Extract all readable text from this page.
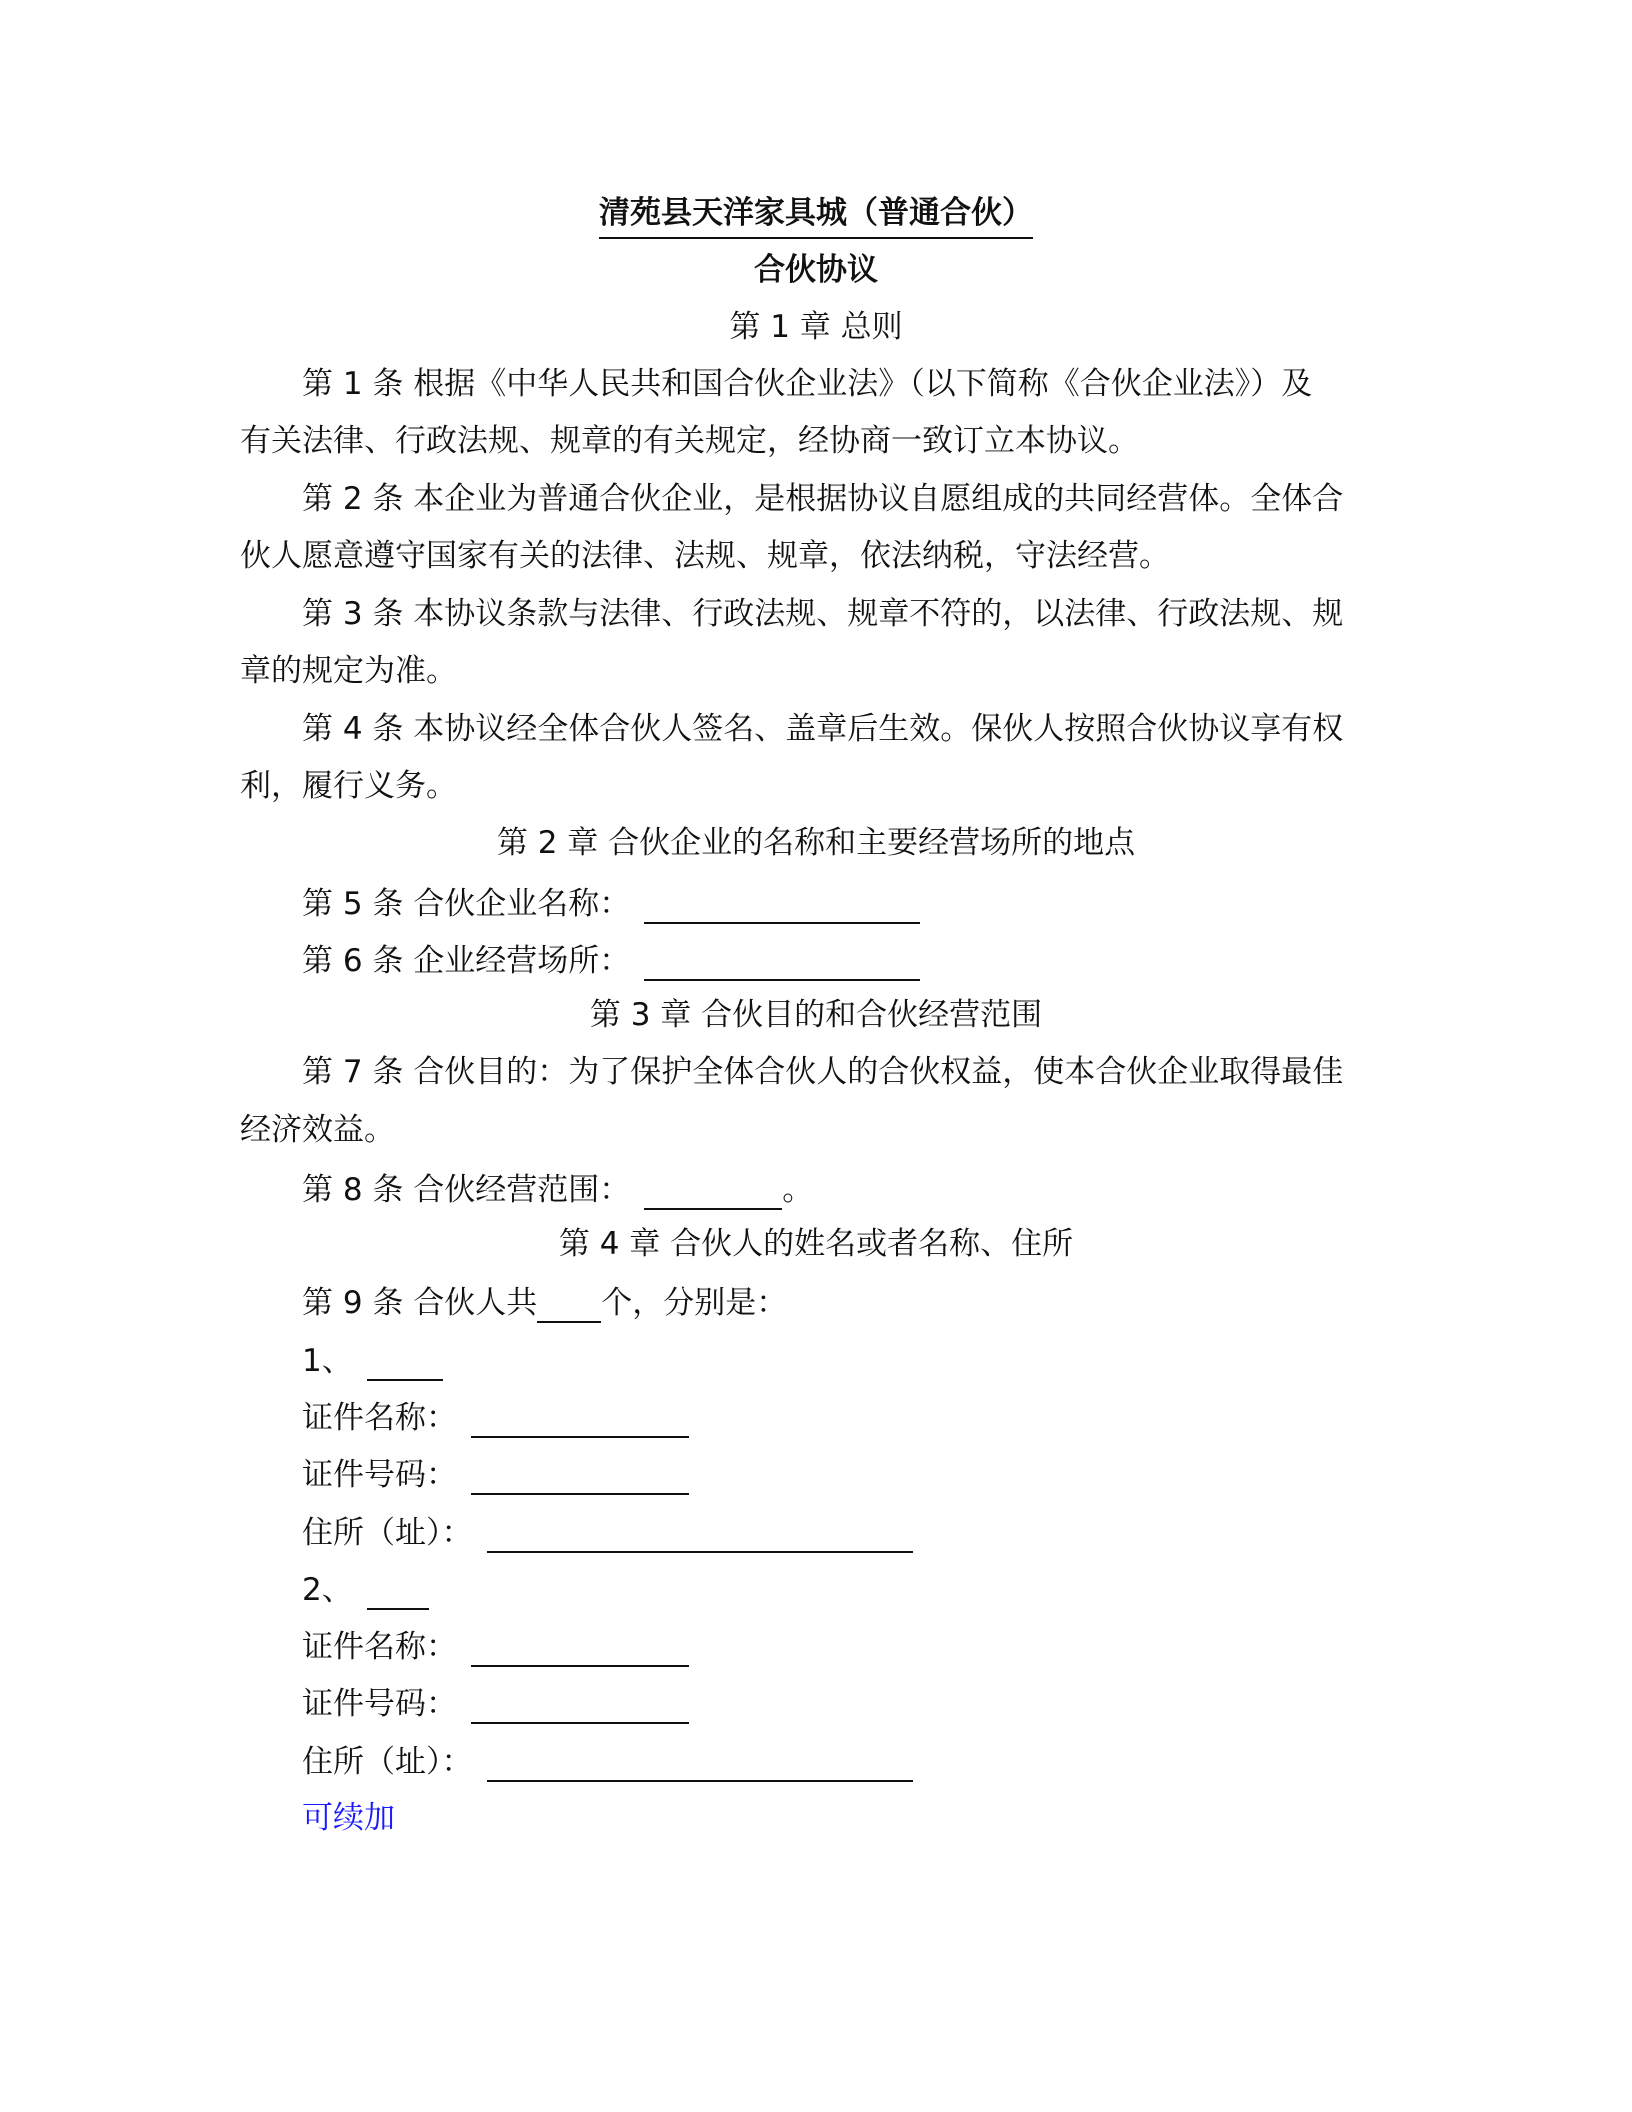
清苑县天洋家具城（普通合伙）
合伙协议
第 1 章 总则
第 1 条 根据《中华人民共和国合伙企业法》（以下简称《合伙企业法》）及
有关法律、行政法规、规章的有关规定，经协商一致订立本协议。
第 2 条 本企业为普通合伙企业，是根据协议自愿组成的共同经营体。全体合
伙人愿意遵守国家有关的法律、法规、规章，依法纳税，守法经营。
第 3 条 本协议条款与法律、行政法规、规章不符的，以法律、行政法规、规
章的规定为准。
第 4 条 本协议经全体合伙人签名、盖章后生效。保伙人按照合伙协议享有权
利，履行义务。
第 2 章 合伙企业的名称和主要经营场所的地点
第 5 条 合伙企业名称：
第 6 条 企业经营场所：
第 3 章 合伙目的和合伙经营范围
第 7 条 合伙目的：为了保护全体合伙人的合伙权益，使本合伙企业取得最佳
经济效益。
第 8 条 合伙经营范围：	。
第 4 章 合伙人的姓名或者名称、住所
第 9 条 合伙人共 个，分别是：
1、
证件名称：
证件号码：
住所（址）：
2、
证件名称：
证件号码：
住所（址）：
可续加
